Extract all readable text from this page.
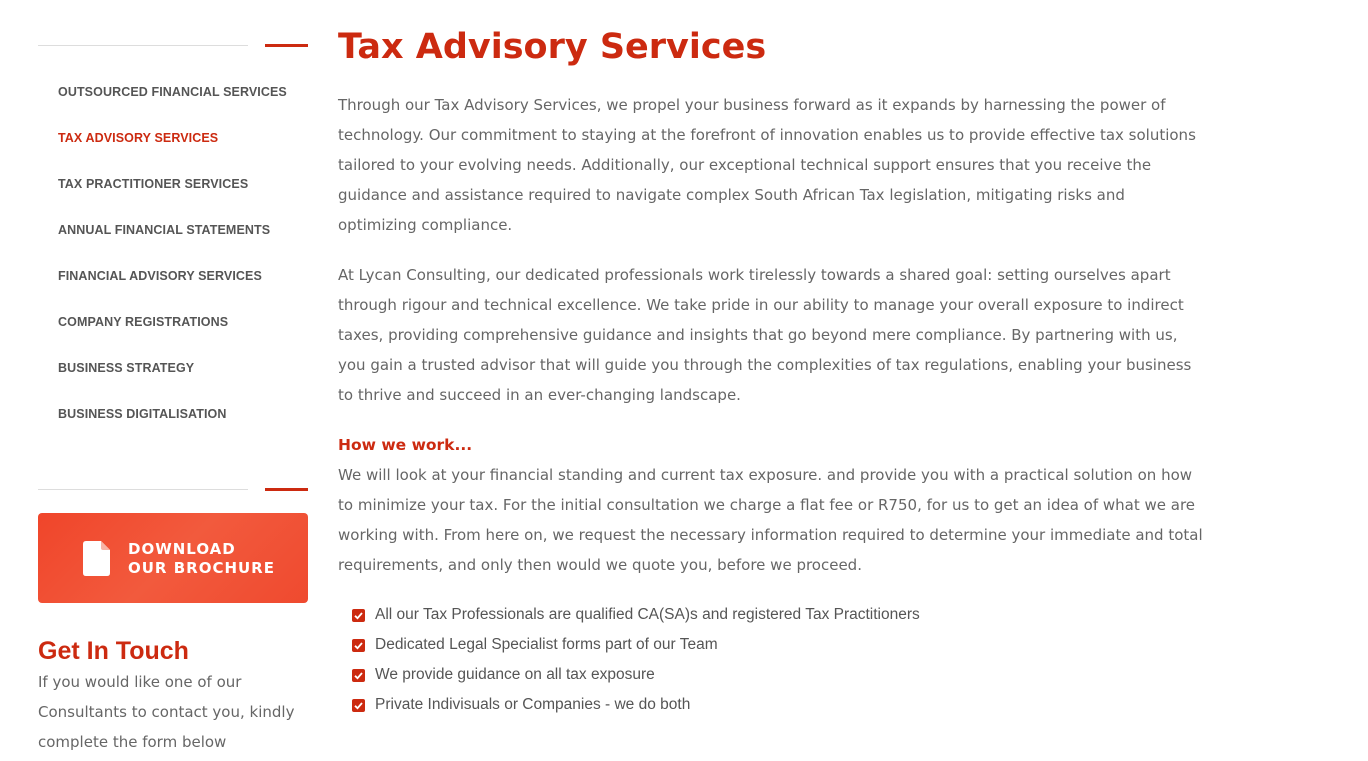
OUTSOURCED FINANCIAL SERVICES
TAX ADVISORY SERVICES
TAX PRACTITIONER SERVICES
ANNUAL FINANCIAL STATEMENTS
FINANCIAL ADVISORY SERVICES
COMPANY REGISTRATIONS
BUSINESS STRATEGY
BUSINESS DIGITALISATION
DOWNLOAD
OUR BROCHURE
Get In Touch

If you would like one of our Consultants to contact you, kindly complete the form below

Tax Advisory Services

Through our Tax Advisory Services, we propel your business forward as it expands by harnessing the power of technology. Our commitment to staying at the forefront of innovation enables us to provide effective tax solutions tailored to your evolving needs. Additionally, our exceptional technical support ensures that you receive the guidance and assistance required to navigate complex South African Tax legislation, mitigating risks and optimizing compliance.

At Lycan Consulting, our dedicated professionals work tirelessly towards a shared goal: setting ourselves apart through rigour and technical excellence. We take pride in our ability to manage your overall exposure to indirect taxes, providing comprehensive guidance and insights that go beyond mere compliance. By partnering with us, you gain a trusted advisor that will guide you through the complexities of tax regulations, enabling your business to thrive and succeed in an ever-changing landscape.

How we work...

We will look at your financial standing and current tax exposure. and provide you with a practical solution on how to minimize your tax. For the initial consultation we charge a flat fee or R750, for us to get an idea of what we are working with. From here on, we request the necessary information required to determine your immediate and total requirements, and only then would we quote you, before we proceed.

All our Tax Professionals are qualified CA(SA)s and registered Tax Practitioners
Dedicated Legal Specialist forms part of our Team
We provide guidance on all tax exposure
Private Indivisuals or Companies - we do both
